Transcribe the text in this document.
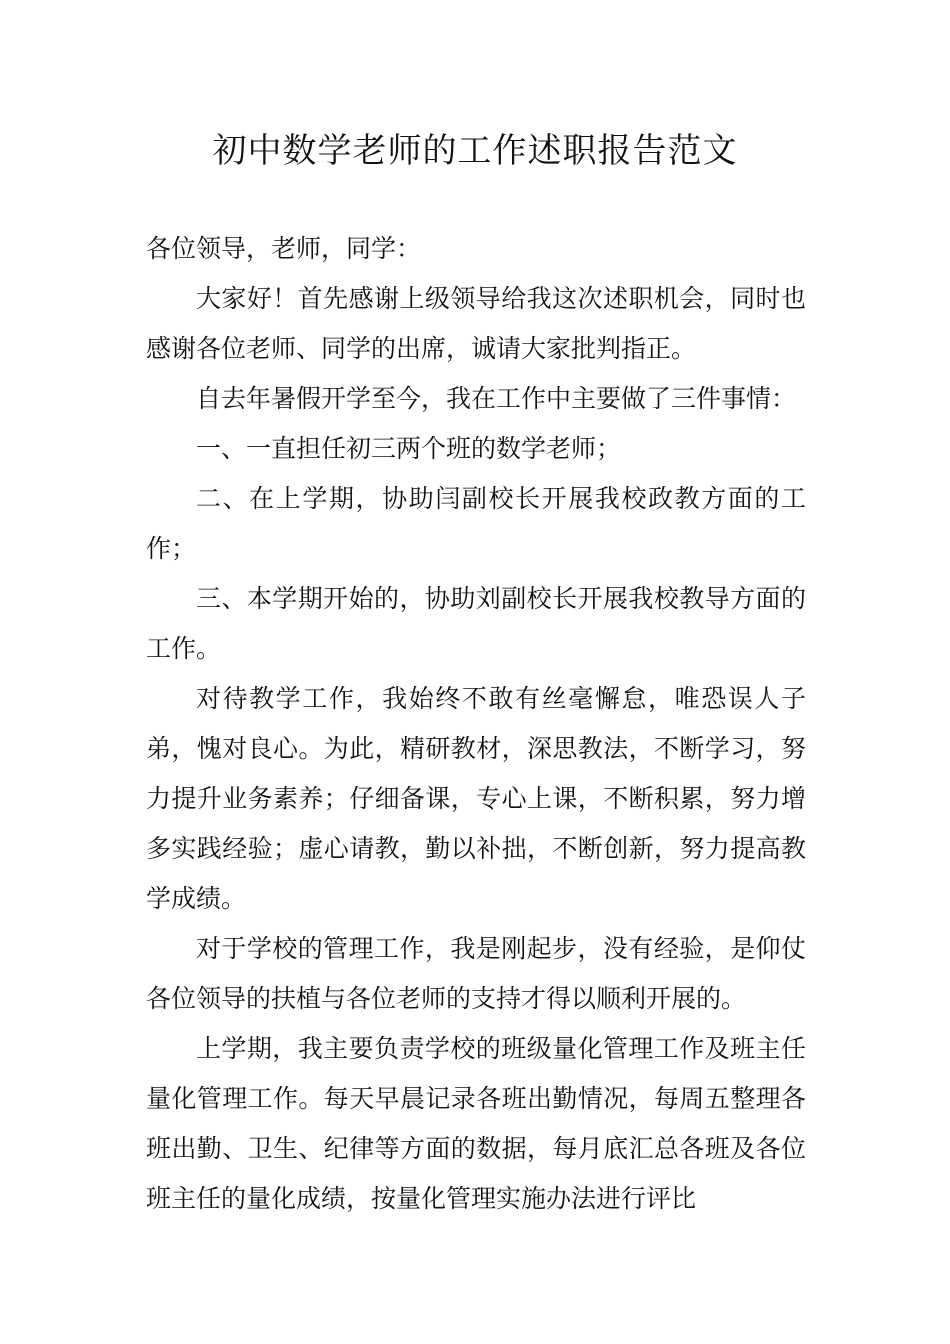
初中数学老师的工作述职报告范文

各位领导，老师，同学：

大家好！首先感谢上级领导给我这次述职机会，同时也感谢各位老师、同学的出席，诚请大家批判指正。

自去年暑假开学至今，我在工作中主要做了三件事情：

一、一直担任初三两个班的数学老师；

二、在上学期，协助闫副校长开展我校政教方面的工作；

三、本学期开始的，协助刘副校长开展我校教导方面的工作。

对待教学工作，我始终不敢有丝毫懈怠，唯恐误人子弟，愧对良心。为此，精研教材，深思教法，不断学习，努力提升业务素养；仔细备课，专心上课，不断积累，努力增多实践经验；虚心请教，勤以补拙，不断创新，努力提高教学成绩。

对于学校的管理工作，我是刚起步，没有经验，是仰仗各位领导的扶植与各位老师的支持才得以顺利开展的。

上学期，我主要负责学校的班级量化管理工作及班主任量化管理工作。每天早晨记录各班出勤情况，每周五整理各班出勤、卫生、纪律等方面的数据，每月底汇总各班及各位班主任的量化成绩，按量化管理实施办法进行评比
